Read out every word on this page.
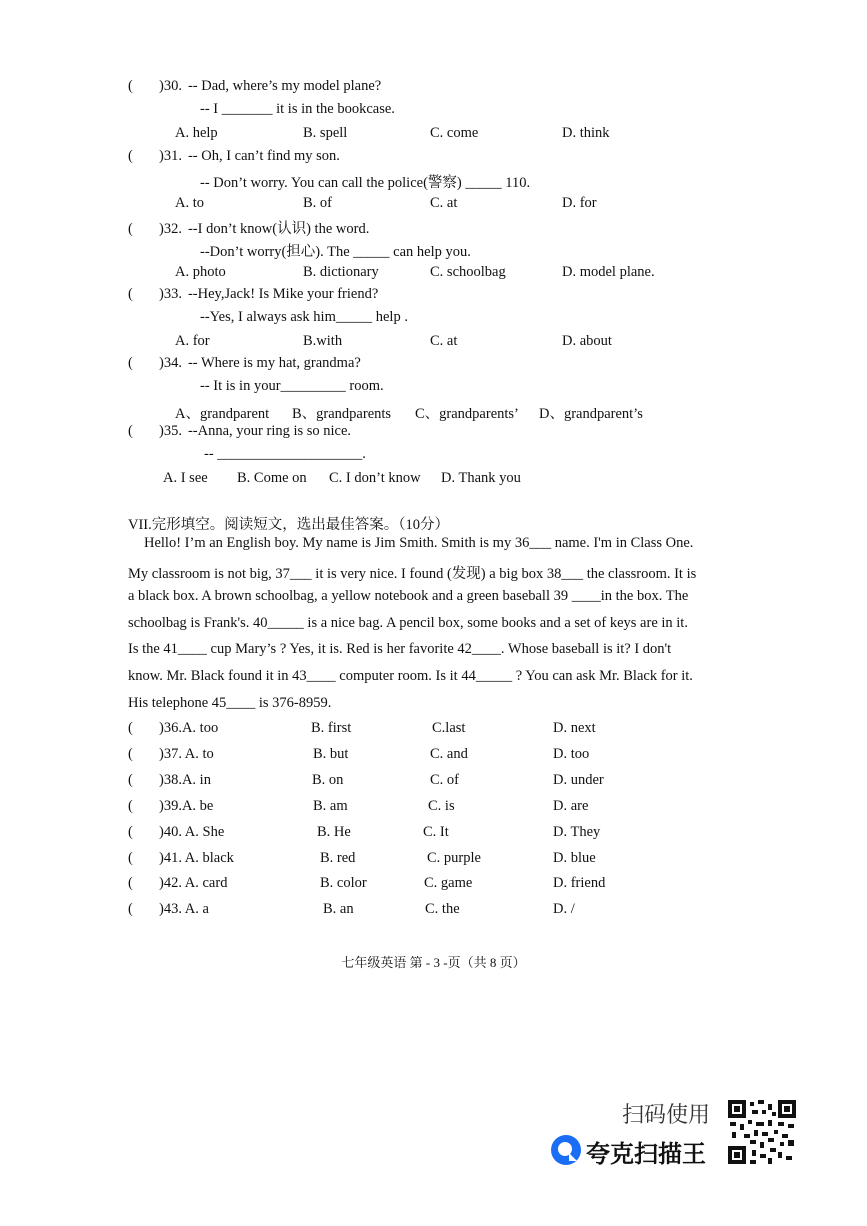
( )30. -- Dad, where’s my model plane?
-- I _______ it is in the bookcase.
A. help	B. spell	C. come	D. think
( )31. -- Oh, I can’t find my son.
-- Don’t worry. You can call the police(警察) _____ 110.
A. to	B. of	C. at	D. for
( )32. --I don’t know(认识) the word.
--Don’t worry(担心). The _____ can help you.
A. photo	B. dictionary	C. schoolbag	D. model plane.
( )33. --Hey,Jack! Is Mike your friend?
--Yes, I always ask him_____ help .
A. for	B.with	C. at	D. about
( )34. -- Where is my hat, grandma?
-- It is in your_________ room.
A、grandparent B、grandparents C、grandparents’ D、grandparent’s
( )35. --Anna, your ring is so nice.
-- ____________________.
A. I see B. Come on C. I don’t know D. Thank you
VII.完形填空。阅读短文，选出最佳答案。（10分）
Hello! I’m an English boy. My name is Jim Smith. Smith is my 36___ name. I'm in Class One.
My classroom is not big, 37___ it is very nice. I found (发现) a big box 38___ the classroom. It is
a black box. A brown schoolbag, a yellow notebook and a green baseball 39 ____in the box. The
schoolbag is Frank's. 40_____ is a nice bag. A pencil box, some books and a set of keys are in it.
Is the 41____ cup Mary’s ? Yes, it is. Red is her favorite 42____. Whose baseball is it? I don't
know. Mr. Black found it in 43____ computer room. Is it 44_____ ? You can ask Mr. Black for it.
His telephone 45____ is 376-8959.
( )36.A. too	B. first	C.last	D. next
( )37. A. to	B. but	C. and	D. too
( )38.A. in	B. on	C. of	D. under
( )39.A. be	B. am	C. is	D. are
( )40. A. She	B. He	C. It	D. They
( )41. A. black	B. red	C. purple	D. blue
( )42. A. card	B. color	C. game	D. friend
( )43. A. a	B. an	C. the	D. /
七年级英语 第 - 3 -页（共 8 页）
扫码使用
夸克扫描王
